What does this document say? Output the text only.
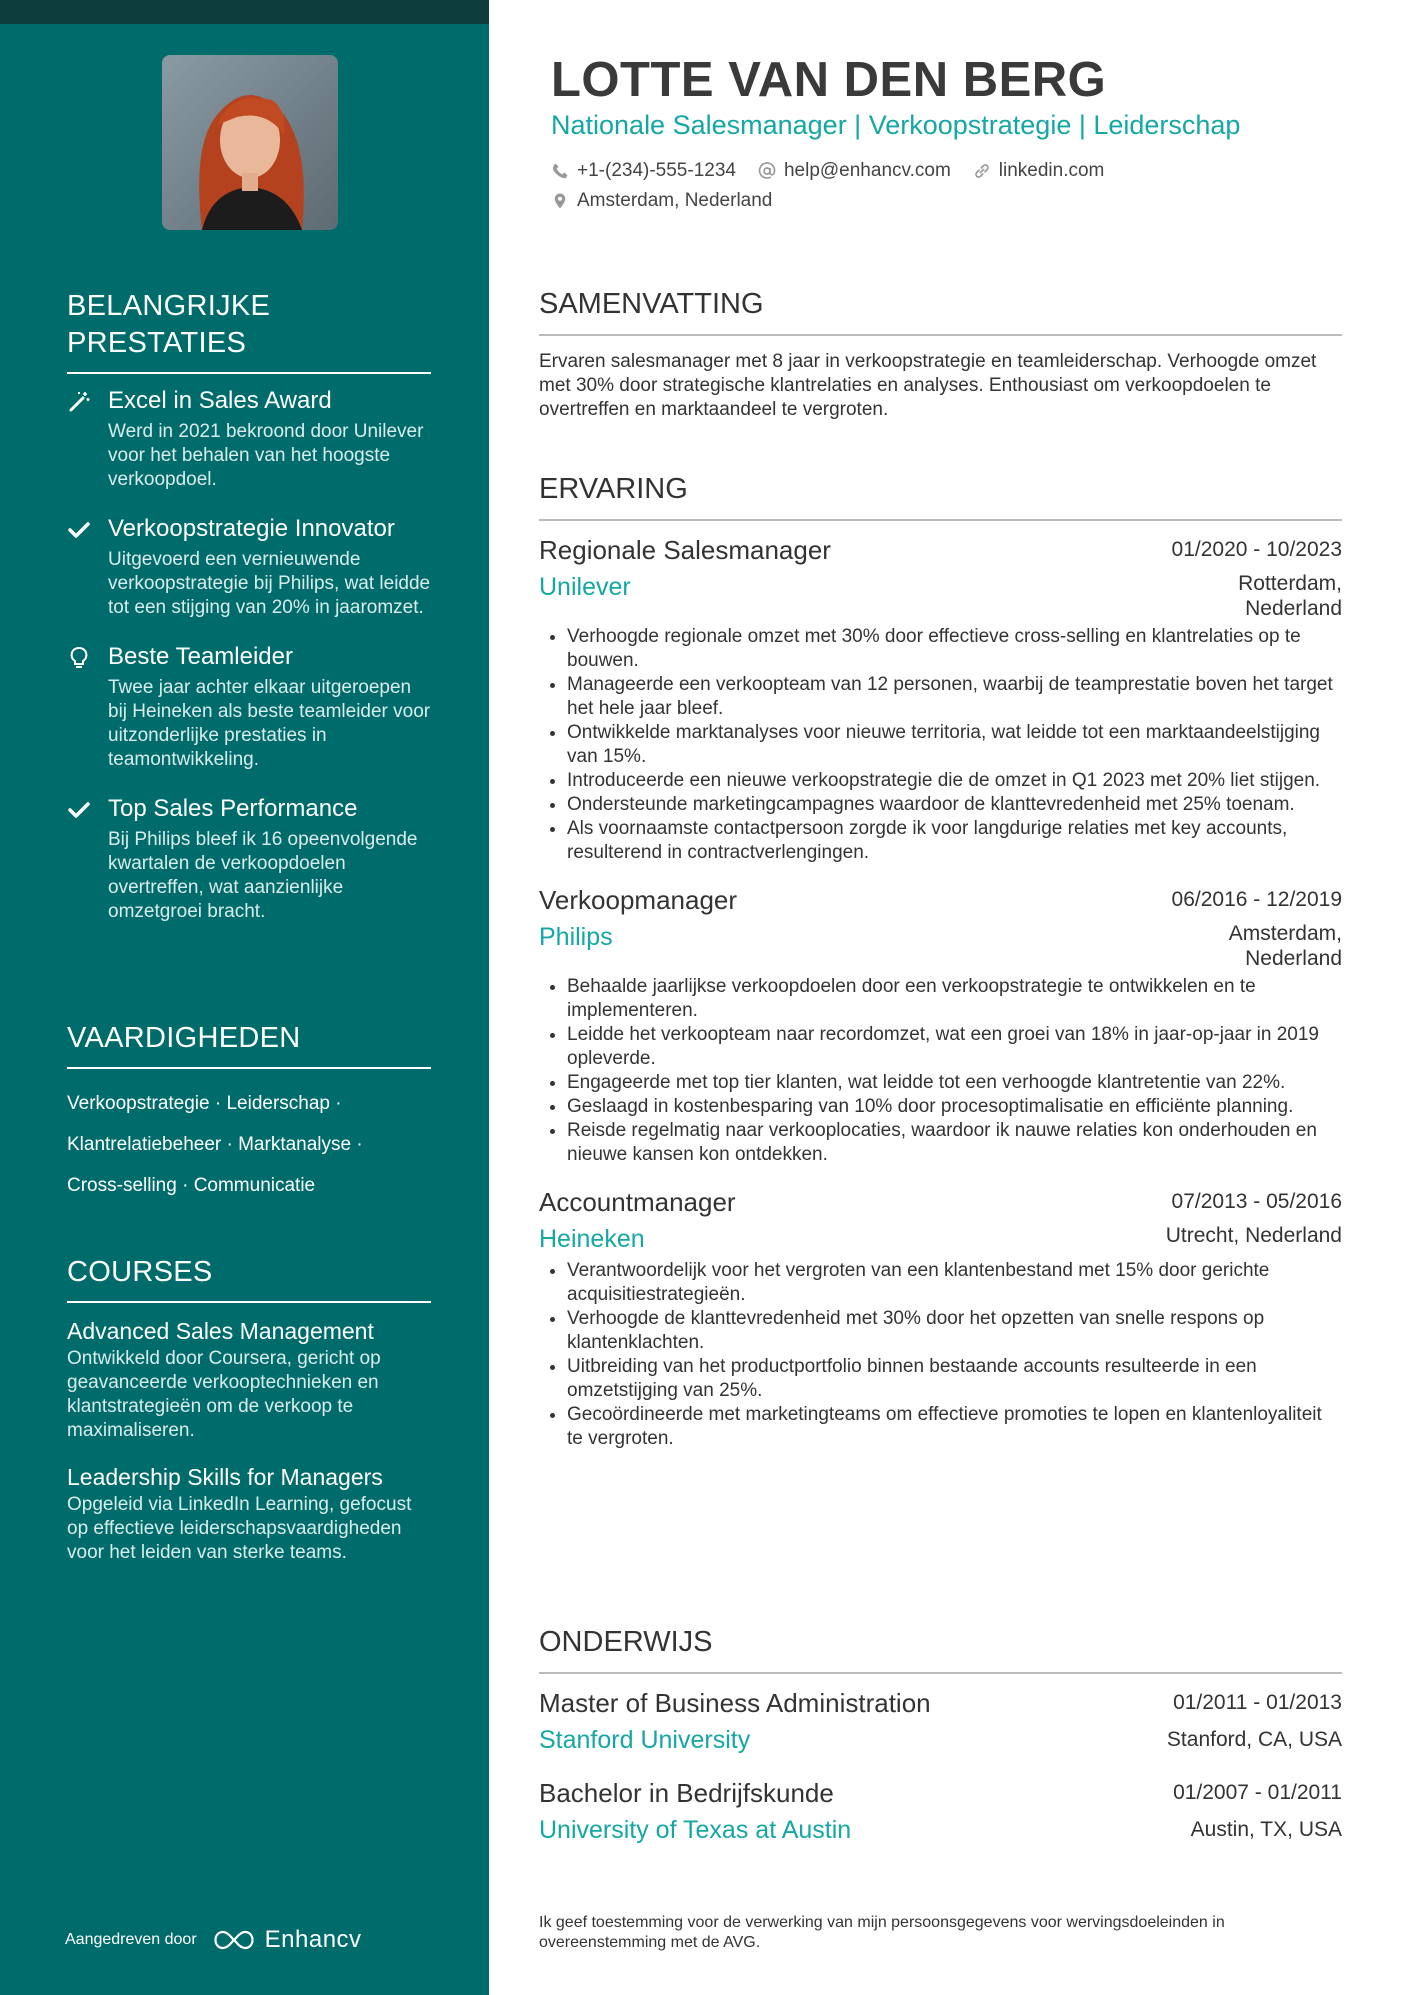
BELANGRIJKE PRESTATIES
Excel in Sales Award
Werd in 2021 bekroond door Unilever voor het behalen van het hoogste verkoopdoel.
Verkoopstrategie Innovator
Uitgevoerd een vernieuwende verkoopstrategie bij Philips, wat leidde tot een stijging van 20% in jaaromzet.
Beste Teamleider
Twee jaar achter elkaar uitgeroepen bij Heineken als beste teamleider voor uitzonderlijke prestaties in teamontwikkeling.
Top Sales Performance
Bij Philips bleef ik 16 opeenvolgende kwartalen de verkoopdoelen overtreffen, wat aanzienlijke omzetgroei bracht.
VAARDIGHEDEN
Verkoopstrategie · Leiderschap ·
Klantrelatiebeheer · Marktanalyse ·
Cross-selling · Communicatie
COURSES
Advanced Sales Management
Ontwikkeld door Coursera, gericht op geavanceerde verkooptechnieken en klantstrategieën om de verkoop te maximaliseren.
Leadership Skills for Managers
Opgeleid via LinkedIn Learning, gefocust op effectieve leiderschapsvaardigheden voor het leiden van sterke teams.
Aangedreven door	Enhancv
LOTTE VAN DEN BERG
Nationale Salesmanager | Verkoopstrategie | Leiderschap
+1-(234)-555-1234	help@enhancv.com	linkedin.com
Amsterdam, Nederland
SAMENVATTING
Ervaren salesmanager met 8 jaar in verkoopstrategie en teamleiderschap. Verhoogde omzet met 30% door strategische klantrelaties en analyses. Enthousiast om verkoopdoelen te overtreffen en marktaandeel te vergroten.
ERVARING
Regionale Salesmanager	01/2020 - 10/2023
Unilever	Rotterdam,
Nederland
• Verhoogde regionale omzet met 30% door effectieve cross-selling en klantrelaties op te bouwen.
• Manageerde een verkoopteam van 12 personen, waarbij de teamprestatie boven het target het hele jaar bleef.
• Ontwikkelde marktanalyses voor nieuwe territoria, wat leidde tot een marktaandeelstijging van 15%.
• Introduceerde een nieuwe verkoopstrategie die de omzet in Q1 2023 met 20% liet stijgen.
• Ondersteunde marketingcampagnes waardoor de klanttevredenheid met 25% toenam.
• Als voornaamste contactpersoon zorgde ik voor langdurige relaties met key accounts, resulterend in contractverlengingen.
Verkoopmanager	06/2016 - 12/2019
Philips	Amsterdam,
Nederland
• Behaalde jaarlijkse verkoopdoelen door een verkoopstrategie te ontwikkelen en te implementeren.
• Leidde het verkoopteam naar recordomzet, wat een groei van 18% in jaar-op-jaar in 2019 opleverde.
• Engageerde met top tier klanten, wat leidde tot een verhoogde klantretentie van 22%.
• Geslaagd in kostenbesparing van 10% door procesoptimalisatie en efficiënte planning.
• Reisde regelmatig naar verkooplocaties, waardoor ik nauwe relaties kon onderhouden en nieuwe kansen kon ontdekken.
Accountmanager	07/2013 - 05/2016
Heineken	Utrecht, Nederland
• Verantwoordelijk voor het vergroten van een klantenbestand met 15% door gerichte acquisitiestrategieën.
• Verhoogde de klanttevredenheid met 30% door het opzetten van snelle respons op klantenklachten.
• Uitbreiding van het productportfolio binnen bestaande accounts resulteerde in een omzetstijging van 25%.
• Gecoördineerde met marketingteams om effectieve promoties te lopen en klantenloyaliteit te vergroten.
ONDERWIJS
Master of Business Administration	01/2011 - 01/2013
Stanford University	Stanford, CA, USA
Bachelor in Bedrijfskunde	01/2007 - 01/2011
University of Texas at Austin	Austin, TX, USA
Ik geef toestemming voor de verwerking van mijn persoonsgegevens voor wervingsdoeleinden in overeenstemming met de AVG.
